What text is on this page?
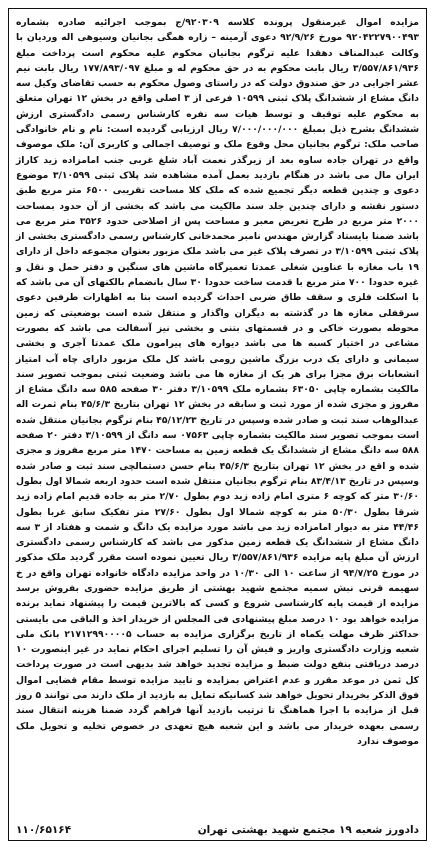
مزایده اموال غیرمنقول پرونده کلاسه ۹۲۰۳۰۹/ج بموجب اجرائیه صادره بشماره ۹۲۰۴۲۲۷۹۰۰۴۹۳ مورخ ۹۲/۹/۲۶ دعوی آرمینه – زاره همگی بجانیان وسیوهی اله وردیان با وکالت عبدالمناف دهقدا علیه ترگوم بجانیان محکوم علیه محکوم است پرداخت مبلغ ۳/۵۵۷/۸۶۱/۹۳۶ ریال بابت محکوم به در حق محکوم له و مبلغ ۱۷۷/۸۹۳/۰۹۷ ریال بابت نیم عشر اجرایی در حق صندوق دولت که در راستای وصول محکوم به حسب تقاضای وکیل سه دانگ مشاع از ششدانگ پلاک ثبتی ۱۰۵۹۹ فرعی از ۳ اصلی واقع در بخش ۱۲ تهران متعلق به محکوم علیه توقیف و توسط هیات سه نفره کارشناس رسمی دادگستری ارزش ششدانگ بشرح ذیل بمبلغ ۷/۰۰۰/۰۰۰/۰۰۰ ریال ارزیابی گردیده است: نام و نام خانوادگی صاحب ملک: ترگوم بجانیان محل وقوع ملک و توصیف اجمالی و کاربری آن: ملک موصوف واقع در تهران جاده ساوه بعد از زیرگذر نعمت آباد شلغ غربی جنب امامزاده زید کاراژ ایران مال می باشد در هنگام بازدید بعمل آمده مشاهده شد پلاک ثبتی ۳/۱۰۵۹۹ موضوع دعوی و چندین قطعه دیگر تجمیع شده که ملک کلا مساحت تقریبی ۶۵۰۰ متر مربع طبق دستور نقشه و دارای چندین جلد سند مالکیت می باشد که بخشی از آن حدود بمساحت ۲۰۰۰ متر مربع در طرح تعریض معبر و مساحت پس از اصلاحی حدود ۳۵۲۶ متر مربع می باشد ضمنا بایستاد گزارش مهندس نامبر محمدخانی کارشناس رسمی دادگستری بخشی از پلاک ثبتی ۳/۱۰۵۹۹ در تصرف پلاک غیر می باشد ملک مزبور بعنوان مجموعه داخل از دارای ۱۹ باب مغازه با عناوین شغلی عمدتا تعمیرگاه ماشین های سنگین و دفتر حمل و نقل و غیره حدودا ۷۰۰ متر مربع با قدمت ساخت حدودا ۳۰ سال بانضمام بالکنهای آن می باشد که با اسکلت فلزی و سقف طاق ضربی احداث گردیده است بنا به اظهارات طرفین دعوی سرقفلی مغازه ها در گذشته به دیگران واگذار و منتقل شده است بوضعیتی که زمین محوطه بصورت خاکی و در قسمتهای بتنی و بخشی نیز آسفالت می باشد که بصورت مشاعی در اختیار کسبه ها می باشد دیواره های پیرامون ملک عمدتا آجری و بخشی سیمانی و دارای یک درب بزرگ ماشین رومی باشد کل ملک مزبور دارای چاه آب امتیاز انشعابات برق مجزا برای هر یک از مغازه ها می باشد وضعیت ثبتی بموجب تصویر سند مالکیت بشماره چاپی ۶۳۰۵۰ بشماره ملک ۳/۱۰۵۹۹ دفتر ۳۰ صفحه ۵۸۵ سه دانگ مشاع از مفروز و مجزی شده از مورد ثبت و سابقه در بخش ۱۲ تهران بتاریخ ۴۵/۶/۳ بنام ثمرت اله عبدالوهاب سند ثبت و صادر شده وسپس در تاریخ ۴۵/۱۲/۲۳ بنام ترگوم بجانیان منتقل شده است بموجب تصویر سند مالکیت بشماره چاپی ۰۷۵۶۳ سه دانگ از ۳/۱۰۵۹۹ دفتر ۲۰ صفحه ۵۸۸ سه دانگ مشاع از ششدانگ یک قطعه زمین به مساحت ۱۴۷۰ متر مربع مفروز و مجزی شده و اقع در بخش ۱۲ تهران بتاریخ ۴۵/۶/۳ بنام حسن دستمالچی سند ثبت و صادر شده وسپس در تاریخ ۸۳/۴/۱۳ بنام ترگوم بجانیان منتقل شده است حدود اربعه شمالا اول بطول ۳۰/۶۰ متر که کوچه ۶ متری امام زاده زید دوم بطول ۲/۷۰ متر به جاده قدیم امام زاده زید شرقا بطول ۵۰/۳۰ متر به کوچه شمالا اول بطول ۲۷/۶۰ متر تفکیک سابق غربا بطول ۴۴/۴۶ متر به دیوار امامزاده زید می باشد مورد مزایده یک دانگ و شمت و هفتاد از ۳ سه دانگ مشاع از ششدانگ یک قطعه زمین مذکور می باشد که کارشناس رسمی دادگستری ارزش آن مبلغ پایه مزایده ۳/۵۵۷/۸۶۱/۹۳۶ ریال تعیین نموده است مقرر گردید ملک مذکور در مورخ ۹۴/۷/۲۵ از ساعت ۱۰ الی ۱۰/۳۰ در واحد مزایده دادگاه خانواده تهران واقع در خ سهیمه قرنی نبش سمیه مجتمع شهید بهشتی از طریق مزایده حضوری بفروش برسد مزایده از قیمت پایه کارشناسی شروع و کسی که بالاترین قیمت را پیشنهاد نماید برنده مزایده خواهد بود ۱۰ درصد مبلغ پیشنهادی فی المجلس از خریدار اخذ و الباقی می بایستی حداکثر ظرف مهلت یکماه از تاریخ برگزاری مزایده به حساب ۲۱۷۱۲۹۹۰۰۰۰۵ بانک ملی شعبه وزارت دادگستری واریز و فیش آن را تسلیم اجرای احکام نماید در غیر اینصورت ۱۰ درصد دریافتی بنفع دولت ضبط و مزایده تجدید خواهد شد بدیهی است در صورت پرداخت کل ثمن در موعد مقرر و عدم اعتراض بمزایده و تایید مزایده توسط مقام قضایی اموال فوق الذکر بخریدار تحویل خواهد شد کسانیکه تمایل به بازدید از ملک دارند می توانند ۵ روز قبل از مزایده با اجرا هماهنگ تا ترتیب بازدید آنها فراهم گردد ضمنا هزینه انتقال سند رسمی بعهده خریدار می باشد و این شعبه هیچ تعهدی در خصوص تخلیه و تحویل ملک موصوف ندارد

دادورز شعبه ۱۹ مجتمع شهید بهشتی تهران
۱۱۰/۶۵۱۶۴
